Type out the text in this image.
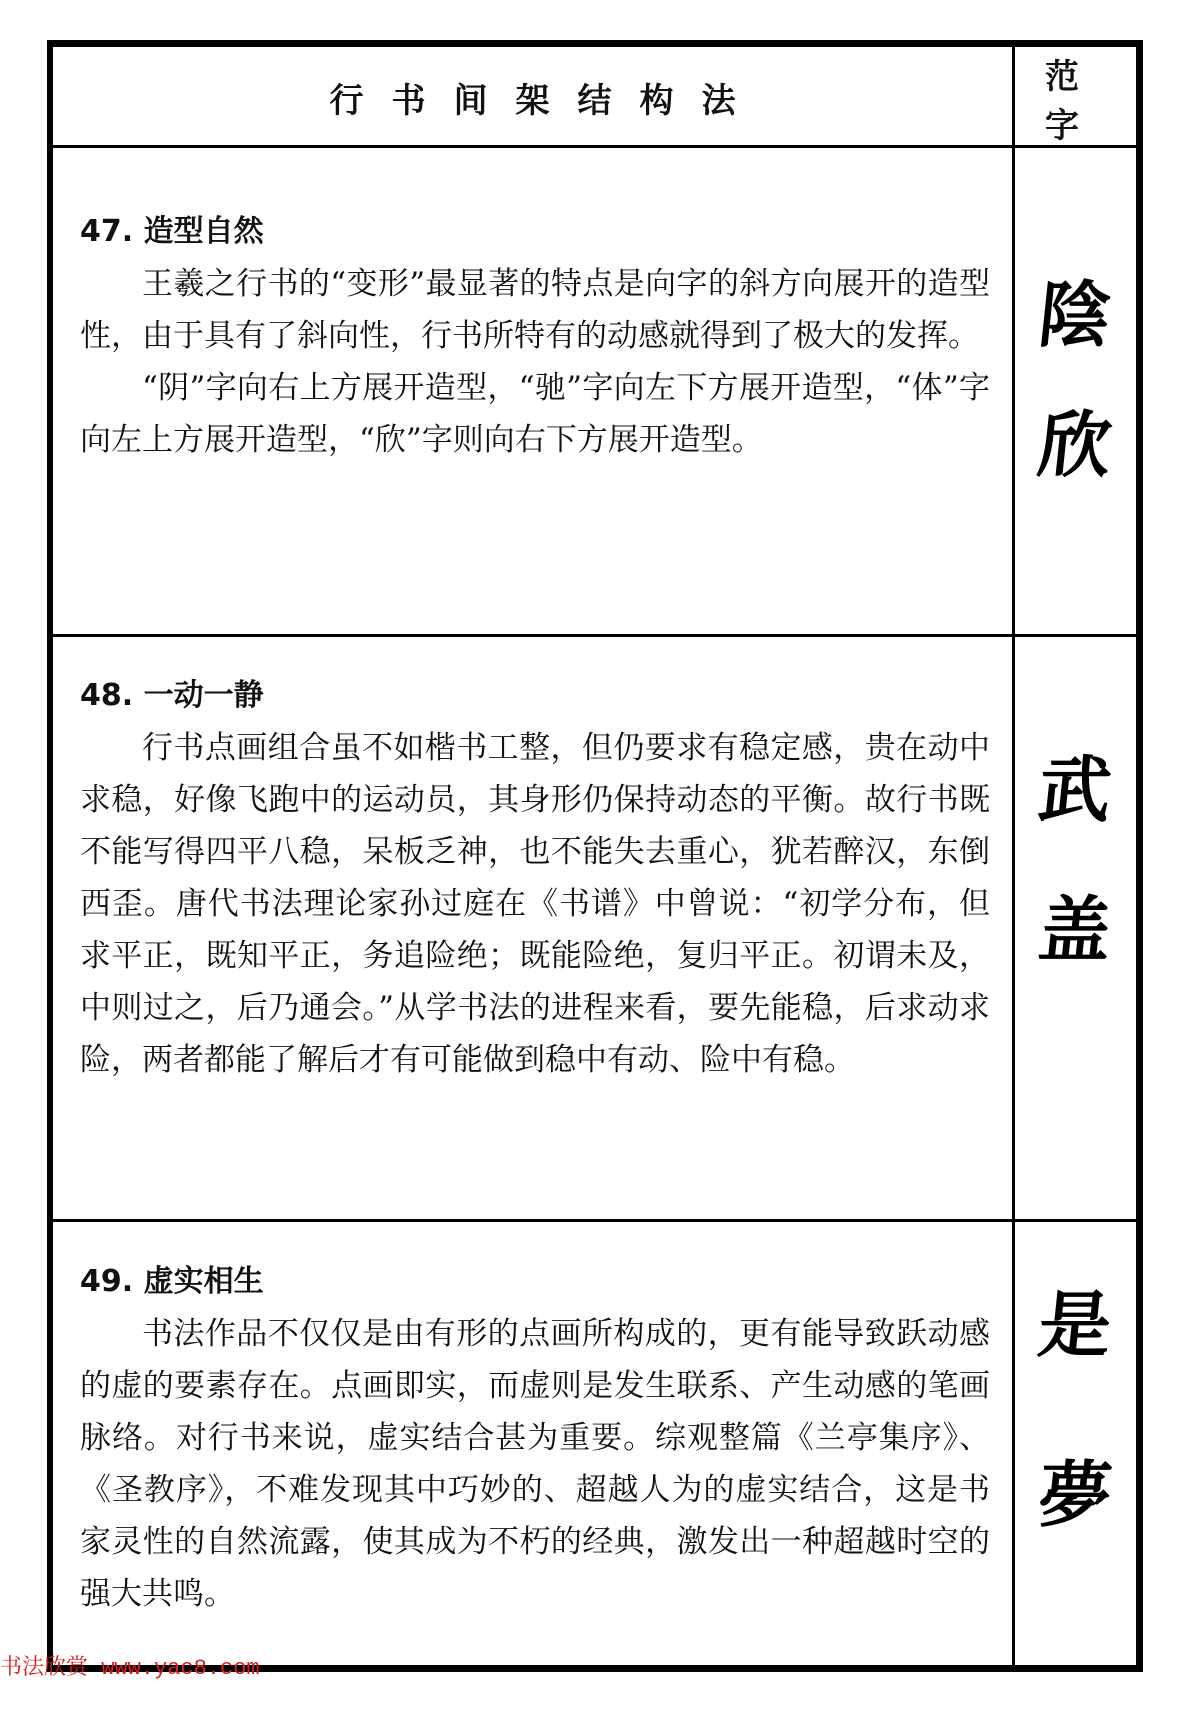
行书间架结构法
范字
47. 造型自然

王羲之行书的“变形”最显著的特点是向字的斜方向展开的造型性，由于具有了斜向性，行书所特有的动感就得到了极大的发挥。

“阴”字向右上方展开造型，“驰”字向左下方展开造型，“体”字向左上方展开造型，“欣”字则向右下方展开造型。

陰
欣
48. 一动一静

行书点画组合虽不如楷书工整，但仍要求有稳定感，贵在动中求稳，好像飞跑中的运动员，其身形仍保持动态的平衡。故行书既不能写得四平八稳，呆板乏神，也不能失去重心，犹若醉汉，东倒西歪。唐代书法理论家孙过庭在《书谱》中曾说：“初学分布，但求平正，既知平正，务追险绝；既能险绝，复归平正。初谓未及，中则过之，后乃通会。”从学书法的进程来看，要先能稳，后求动求险，两者都能了解后才有可能做到稳中有动、险中有稳。

武
盖
49. 虚实相生

书法作品不仅仅是由有形的点画所构成的，更有能导致跃动感的虚的要素存在。点画即实，而虚则是发生联系、产生动感的笔画脉络。对行书来说，虚实结合甚为重要。综观整篇《兰亭集序》、《圣教序》，不难发现其中巧妙的、超越人为的虚实结合，这是书家灵性的自然流露，使其成为不朽的经典，激发出一种超越时空的强大共鸣。

是
夢
书法欣赏 www.yac8.com
